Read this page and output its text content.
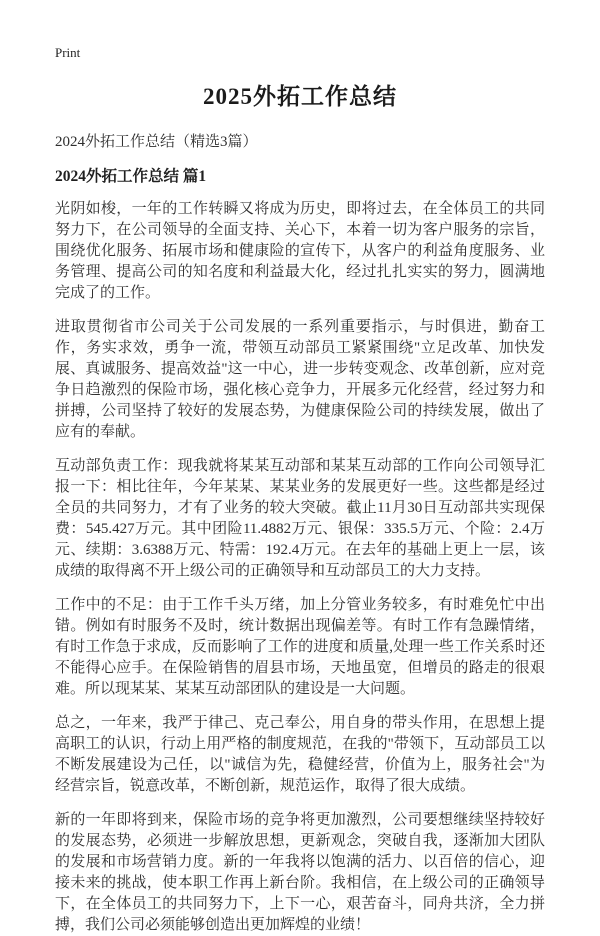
Print
2025外拓工作总结

2024外拓工作总结（精选3篇）

2024外拓工作总结 篇1

光阴如梭，一年的工作转瞬又将成为历史，即将过去，在全体员工的共同努力下，在公司领导的全面支持、关心下，本着一切为客户服务的宗旨，围绕优化服务、拓展市场和健康险的宣传下，从客户的利益角度服务、业务管理、提高公司的知名度和利益最大化，经过扎扎实实的努力，圆满地完成了的工作。

进取贯彻省市公司关于公司发展的一系列重要指示，与时俱进，勤奋工作，务实求效，勇争一流，带领互动部员工紧紧围绕"立足改革、加快发展、真诚服务、提高效益"这一中心，进一步转变观念、改革创新，应对竞争日趋激烈的保险市场，强化核心竞争力，开展多元化经营，经过努力和拼搏，公司坚持了较好的发展态势，为健康保险公司的持续发展，做出了应有的奉献。

互动部负责工作：现我就将某某互动部和某某互动部的工作向公司领导汇报一下：相比往年，今年某某、某某业务的发展更好一些。这些都是经过全员的共同努力，才有了业务的较大突破。截止11月30日互动部共实现保费：545.427万元。其中团险11.4882万元、银保：335.5万元、个险：2.4万元、续期：3.6388万元、特需：192.4万元。在去年的基础上更上一层，该成绩的取得离不开上级公司的正确领导和互动部员工的大力支持。

工作中的不足：由于工作千头万绪，加上分管业务较多，有时难免忙中出错。例如有时服务不及时，统计数据出现偏差等。有时工作有急躁情绪，有时工作急于求成，反而影响了工作的进度和质量,处理一些工作关系时还不能得心应手。在保险销售的眉县市场，天地虽宽，但增员的路走的很艰难。所以现某某、某某互动部团队的建设是一大问题。

总之，一年来，我严于律己、克己奉公，用自身的带头作用，在思想上提高职工的认识，行动上用严格的制度规范，在我的"带领下，互动部员工以不断发展建设为己任，以"诚信为先，稳健经营，价值为上，服务社会"为经营宗旨，锐意改革，不断创新，规范运作，取得了很大成绩。

新的一年即将到来，保险市场的竞争将更加激烈，公司要想继续坚持较好的发展态势，必须进一步解放思想，更新观念，突破自我，逐渐加大团队的发展和市场营销力度。新的一年我将以饱满的活力、以百倍的信心，迎接未来的挑战，使本职工作再上新台阶。我相信，在上级公司的正确领导下，在全体员工的共同努力下，上下一心，艰苦奋斗，同舟共济，全力拼搏，我们公司必须能够创造出更加辉煌的业绩！
